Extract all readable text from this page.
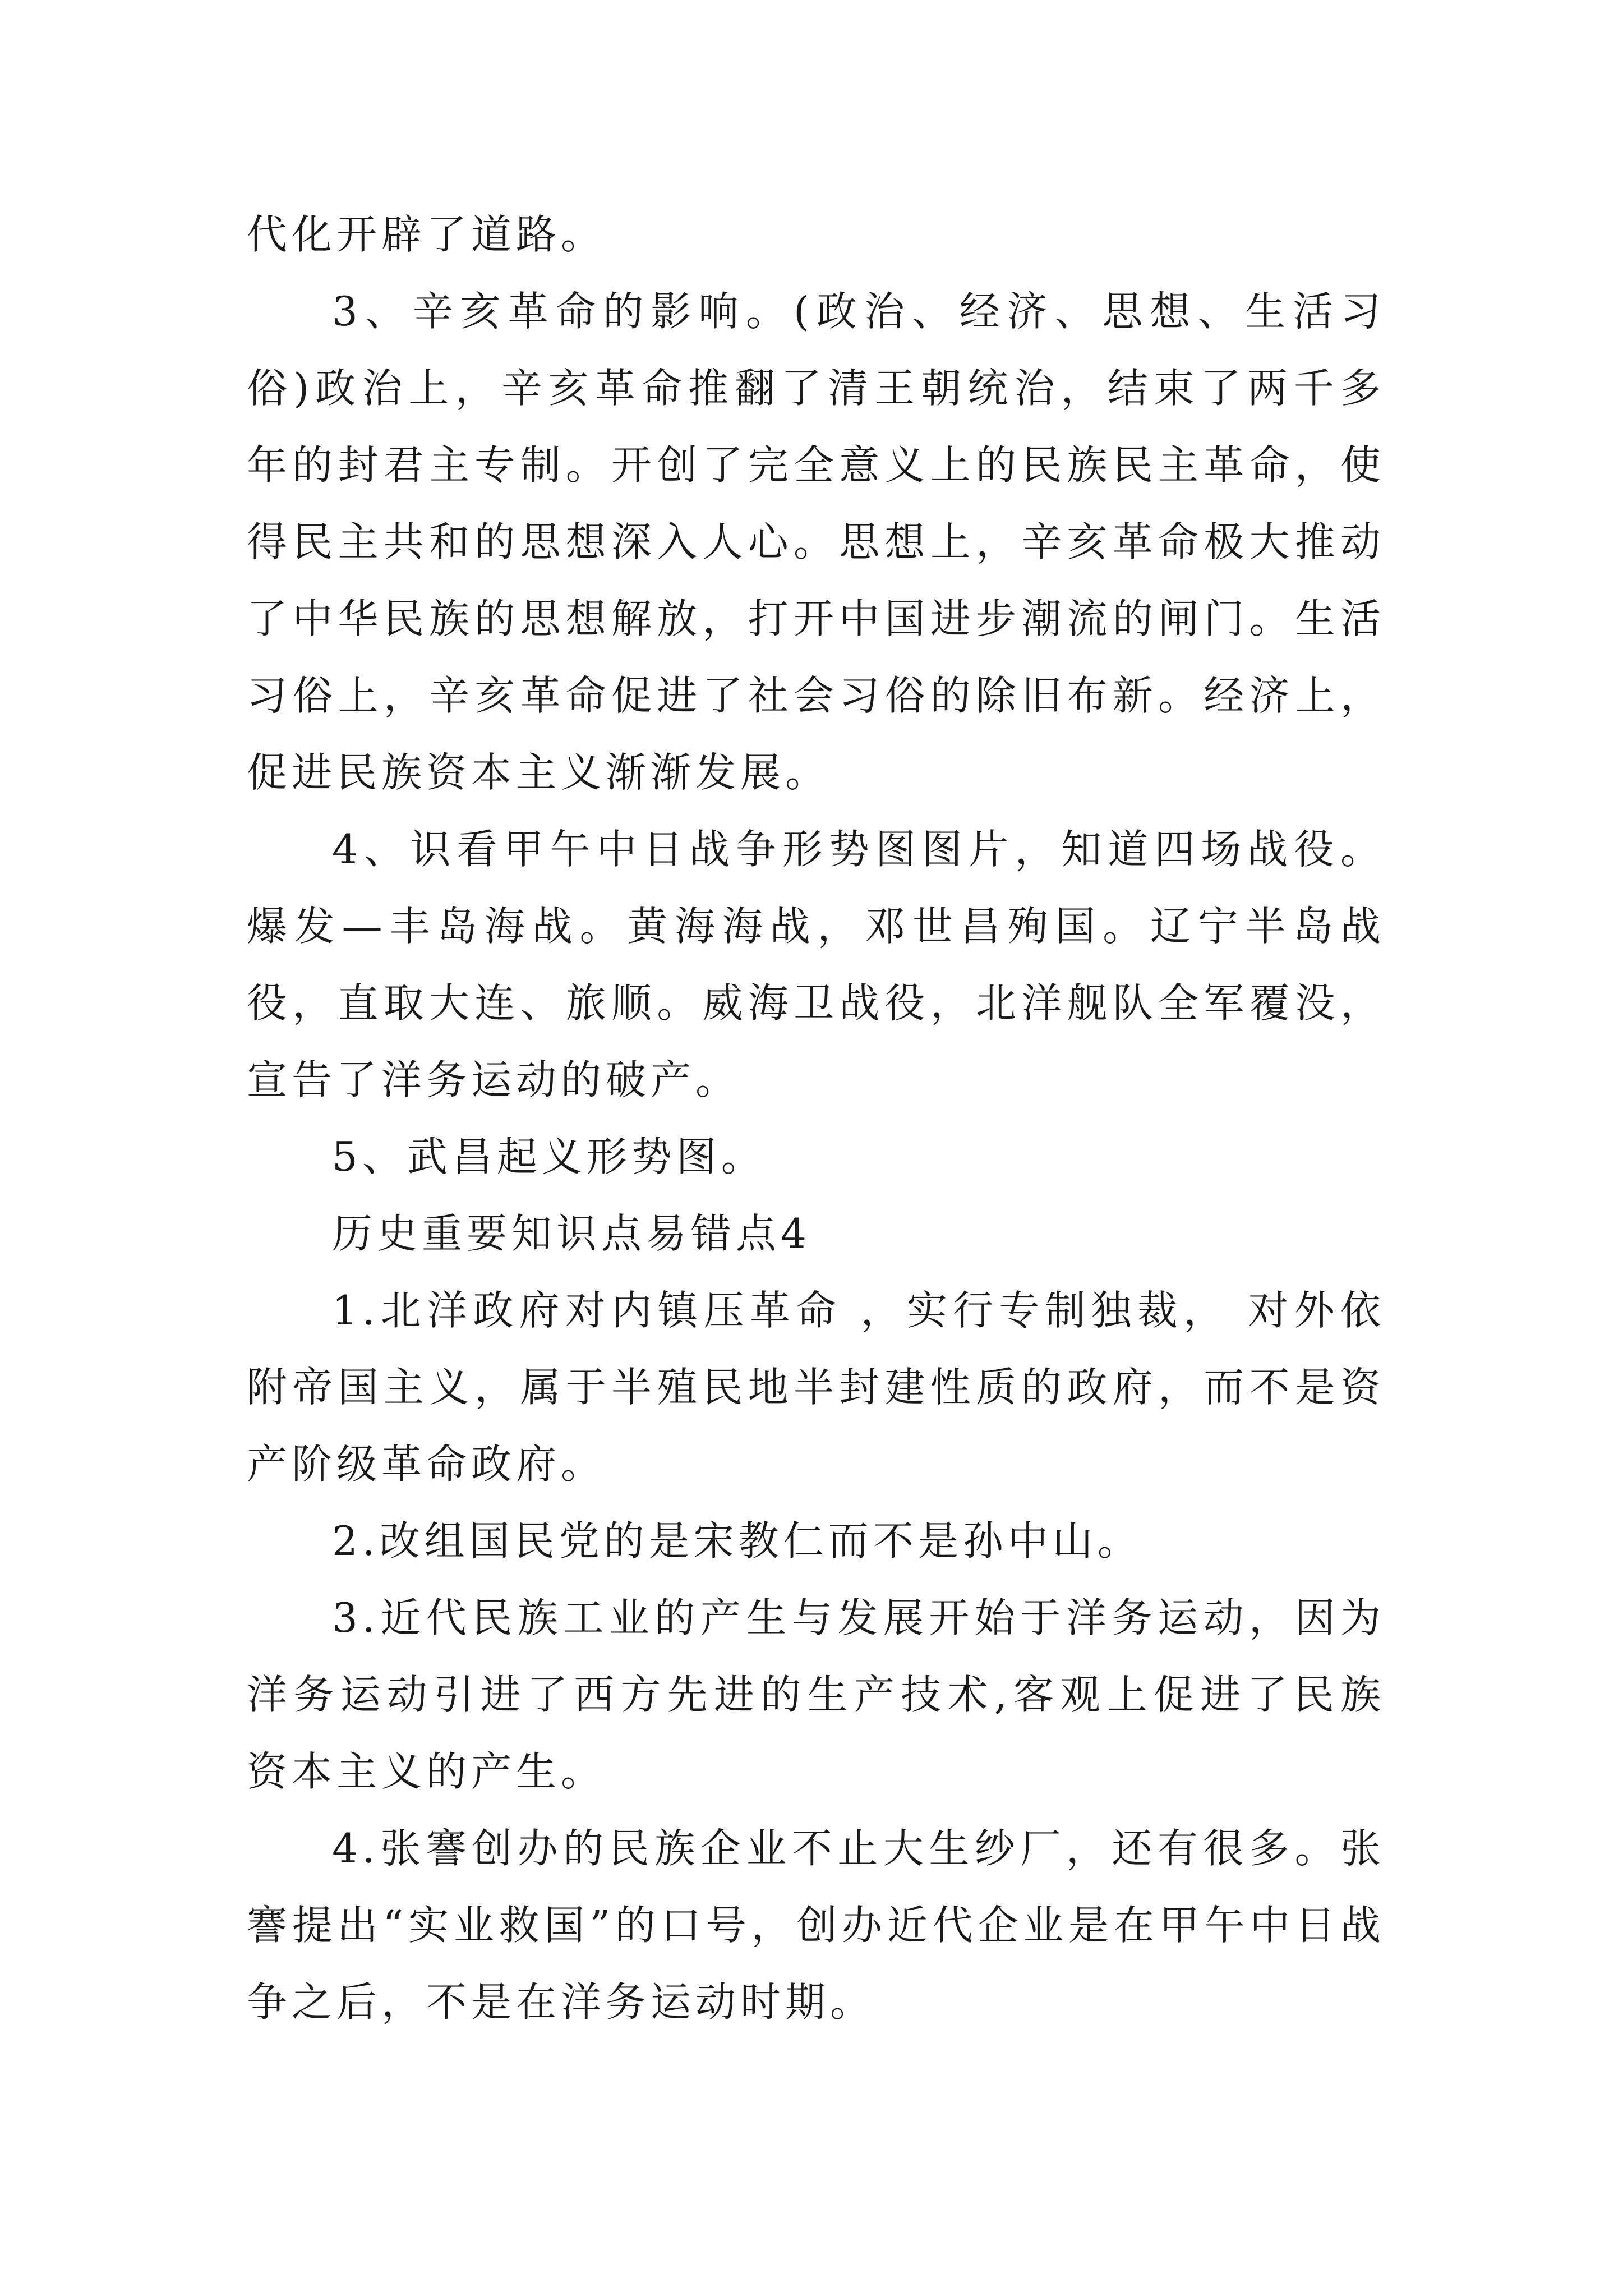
代化开辟了道路。

3、辛亥革命的影响。(政治、经济、思想、生活习俗)政治上，辛亥革命推翻了清王朝统治，结束了两千多年的封君主专制。开创了完全意义上的民族民主革命，使得民主共和的思想深入人心。思想上，辛亥革命极大推动了中华民族的思想解放，打开中国进步潮流的闸门。生活习俗上，辛亥革命促进了社会习俗的除旧布新。经济上，促进民族资本主义渐渐发展。

4、识看甲午中日战争形势图图片，知道四场战役。爆发—丰岛海战。黄海海战，邓世昌殉国。辽宁半岛战役，直取大连、旅顺。威海卫战役，北洋舰队全军覆没，宣告了洋务运动的破产。

5、武昌起义形势图。

历史重要知识点易错点4

1.北洋政府对内镇压革命 ，实行专制独裁， 对外依附帝国主义，属于半殖民地半封建性质的政府，而不是资产阶级革命政府。

2.改组国民党的是宋教仁而不是孙中山。

3.近代民族工业的产生与发展开始于洋务运动，因为洋务运动引进了西方先进的生产技术,客观上促进了民族资本主义的产生。

4.张謇创办的民族企业不止大生纱厂，还有很多。张謇提出“实业救国”的口号，创办近代企业是在甲午中日战争之后，不是在洋务运动时期。
